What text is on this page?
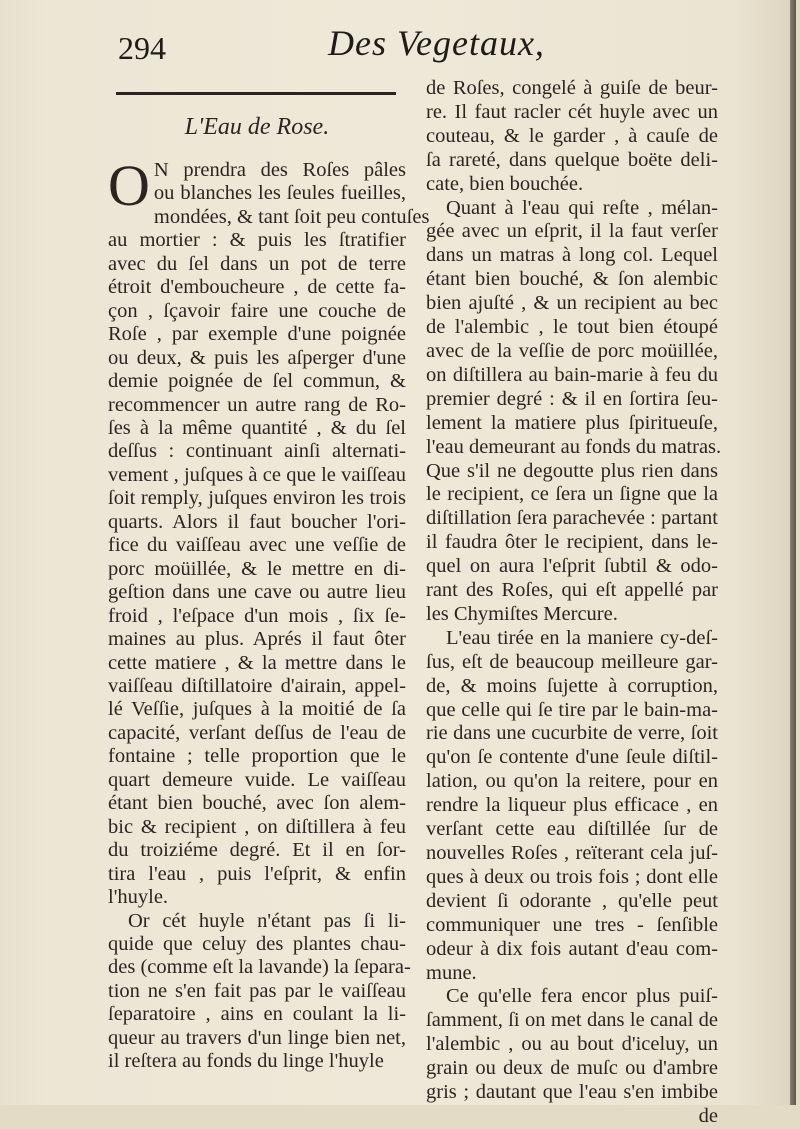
294	Des Vegetaux,
L'Eau de Rose.
O N prendra des Roſes pâles
ou blanches les ſeules fueilles,
mondées, & tant ſoit peu contuſes
au mortier : & puis les ſtratifier
avec du ſel dans un pot de terre
étroit d'embouchеure , de cette fa-
çon , ſçavoir faire une couche de
Roſe , par exemple d'une poignée
ou deux, & puis les aſperger d'une
demie poignée de ſel commun, &
recommencer un autre rang de Ro-
ſes à la même quantité , & du ſel
deſſus : continuant ainſi alternati-
vement , juſques à ce que le vaiſſeau
ſoit remply, juſques environ les trois
quarts. Alors il faut boucher l'ori-
fice du vaiſſeau avec une veſſie de
porc moüillée, & le mettre en di-
geſtion dans une cave ou autre lieu
froid , l'eſpace d'un mois , ſix ſe-
maines au plus. Aprés il faut ôter
cette matiere , & la mettre dans le
vaiſſeau diſtillatoire d'airain, appel-
lé Veſſie, juſques à la moitié de ſa
capacité, verſant deſſus de l'eau de
fontaine ; telle proportion que le
quart demeure vuide. Le vaiſſeau
étant bien bouché, avec ſon alem-
bic & recipient , on diſtillera à feu
du troiziéme degré. Et il en ſor-
tira l'eau , puis l'eſprit, & enfin
l'huyle.
Or cét huyle n'étant pas ſi li-
quide que celuy des plantes chau-
des (comme eſt la lavande) la ſepara-
tion ne s'en fait pas par le vaiſſeau
ſeparatoire , ains en coulant la li-
queur au travers d'un linge bien net,
il reſtera au fonds du linge l'huyle
de Roſes, congelé à guiſe de beur-
re. Il faut racler cét huyle avec un
couteau, & le garder , à cauſe de
ſa rareté, dans quelque boëte deli-
cate, bien bouchée.
Quant à l'eau qui reſte , mélan-
gée avec un eſprit, il la faut verſer
dans un matras à long col. Lequel
étant bien bouché, & ſon alembic
bien ajuſté , & un recipient au bec
de l'alembic , le tout bien étoupé
avec de la veſſie de porc moüillée,
on diſtillera au bain-marie à feu du
premier degré : & il en ſortira ſeu-
lement la matiere plus ſpiritueuſe,
l'eau demeurant au fonds du matras.
Que s'il ne degoutte plus rien dans
le recipient, ce ſera un ſigne que la
diſtillation ſera parachevée : partant
il faudra ôter le recipient, dans le-
quel on aura l'eſprit ſubtil & odo-
rant des Roſes, qui eſt appellé par
les Chymiſtes Mercure.
L'eau tirée en la maniere cy-deſ-
ſus, eſt de beaucoup meilleure gar-
de, & moins ſujette à corruption,
que celle qui ſe tire par le bain-ma-
rie dans une cucurbite de verre, ſoit
qu'on ſe contente d'une ſeule diſtil-
lation, ou qu'on la reitere, pour en
rendre la liqueur plus efficace , en
verſant cette eau diſtillée ſur de
nouvelles Roſes , reïterant cela juſ-
ques à deux ou trois fois ; dont elle
devient ſi odorante , qu'elle peut
communiquer une tres - ſenſible
odeur à dix fois autant d'eau com-
mune.
Ce qu'elle fera encor plus puiſ-
ſamment, ſi on met dans le canal de
l'alembic , ou au bout d'iceluy, un
grain ou deux de muſc ou d'ambre
gris ; dautant que l'eau s'en imbibe
de
